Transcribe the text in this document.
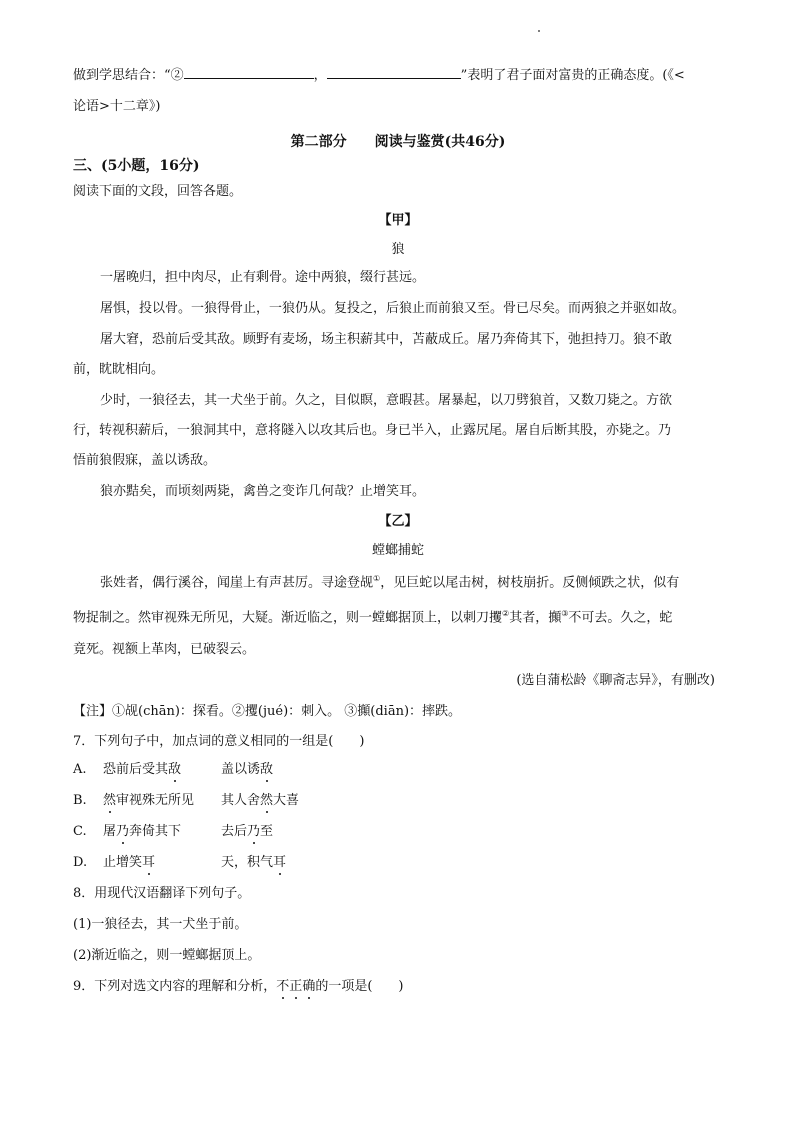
做到学思结合：“②	，	”表明了君子面对富贵的正确态度。(《<
论语>十二章》)
第二部分　　阅读与鉴赏(共46分)
三、(5小题，16分)
阅读下面的文段，回答各题。
【甲】
狼
一屠晚归，担中肉尽，止有剩骨。途中两狼，缀行甚远。
屠惧，投以骨。一狼得骨止，一狼仍从。复投之，后狼止而前狼又至。骨已尽矣。而两狼之并驱如故。
屠大窘，恐前后受其敌。顾野有麦场，场主积薪其中，苫蔽成丘。屠乃奔倚其下，弛担持刀。狼不敢
前，眈眈相向。
少时，一狼径去，其一犬坐于前。久之，目似瞑，意暇甚。屠暴起，以刀劈狼首，又数刀毙之。方欲
行，转视积薪后，一狼洞其中，意将隧入以攻其后也。身已半入，止露尻尾。屠自后断其股，亦毙之。乃
悟前狼假寐，盖以诱敌。
狼亦黠矣，而顷刻两毙，禽兽之变诈几何哉？止增笑耳。
【乙】
螳螂捕蛇
张姓者，偶行溪谷，闻崖上有声甚厉。寻途登觇①，见巨蛇以尾击树，树枝崩折。反侧倾跌之状，似有
物捉制之。然审视殊无所见，大疑。渐近临之，则一螳螂据顶上，以刺刀攫②其者，攧③不可去。久之，蛇
竟死。视额上革肉，已破裂云。
(选自蒲松龄《聊斋志异》，有删改)
【注】①觇(chān)：探看。②攫(jué)：刺入。 ③攧(diān)：摔跌。
7．下列句子中，加点词的意义相同的一组是(　　)
A.	恐前后受其敌	盖以诱敌
B.	然审视殊无所见	其人舍然大喜
C.	屠乃奔倚其下	去后乃至
D.	止增笑耳	天，积气耳
8．用现代汉语翻译下列句子。
(1)一狼径去，其一犬坐于前。
(2)渐近临之，则一螳螂据顶上。
9．下列对选文内容的理解和分析，不正确的一项是(　　)
